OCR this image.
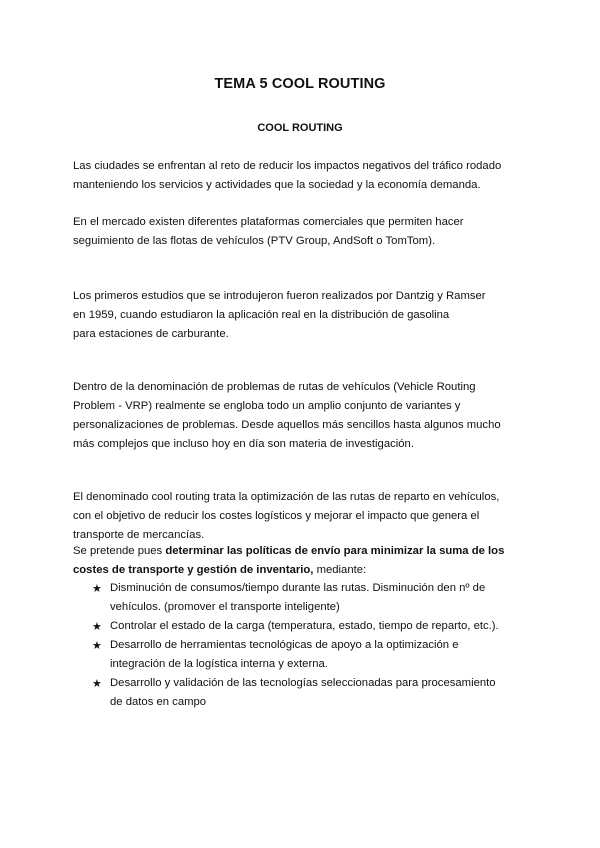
TEMA 5 COOL ROUTING
COOL ROUTING

Las ciudades se enfrentan al reto de reducir los impactos negativos del tráfico rodado
manteniendo los servicios y actividades que la sociedad y la economía demanda.

En el mercado existen diferentes plataformas comerciales que permiten hacer
seguimiento de las flotas de vehículos (PTV Group, AndSoft o TomTom).

Los primeros estudios que se introdujeron fueron realizados por Dantzig y Ramser
en 1959, cuando estudiaron la aplicación real en la distribución de gasolina
para estaciones de carburante.

Dentro de la denominación de problemas de rutas de vehículos (Vehicle Routing
Problem - VRP) realmente se engloba todo un amplio conjunto de variantes y
personalizaciones de problemas. Desde aquellos más sencillos hasta algunos mucho
más complejos que incluso hoy en día son materia de investigación.

El denominado cool routing trata la optimización de las rutas de reparto en vehículos,
con el objetivo de reducir los costes logísticos y mejorar el impacto que genera el
transporte de mercancías.

Se pretende pues determinar las políticas de envío para minimizar la suma de los
costes de transporte y gestión de inventario, mediante:

★ Disminución de consumos/tiempo durante las rutas. Disminución den nº de
vehículos. (promover el transporte inteligente)
★ Controlar el estado de la carga (temperatura, estado, tiempo de reparto, etc.).
★ Desarrollo de herramientas tecnológicas de apoyo a la optimización e
integración de la logística interna y externa.
★ Desarrollo y validación de las tecnologías seleccionadas para procesamiento
de datos en campo
